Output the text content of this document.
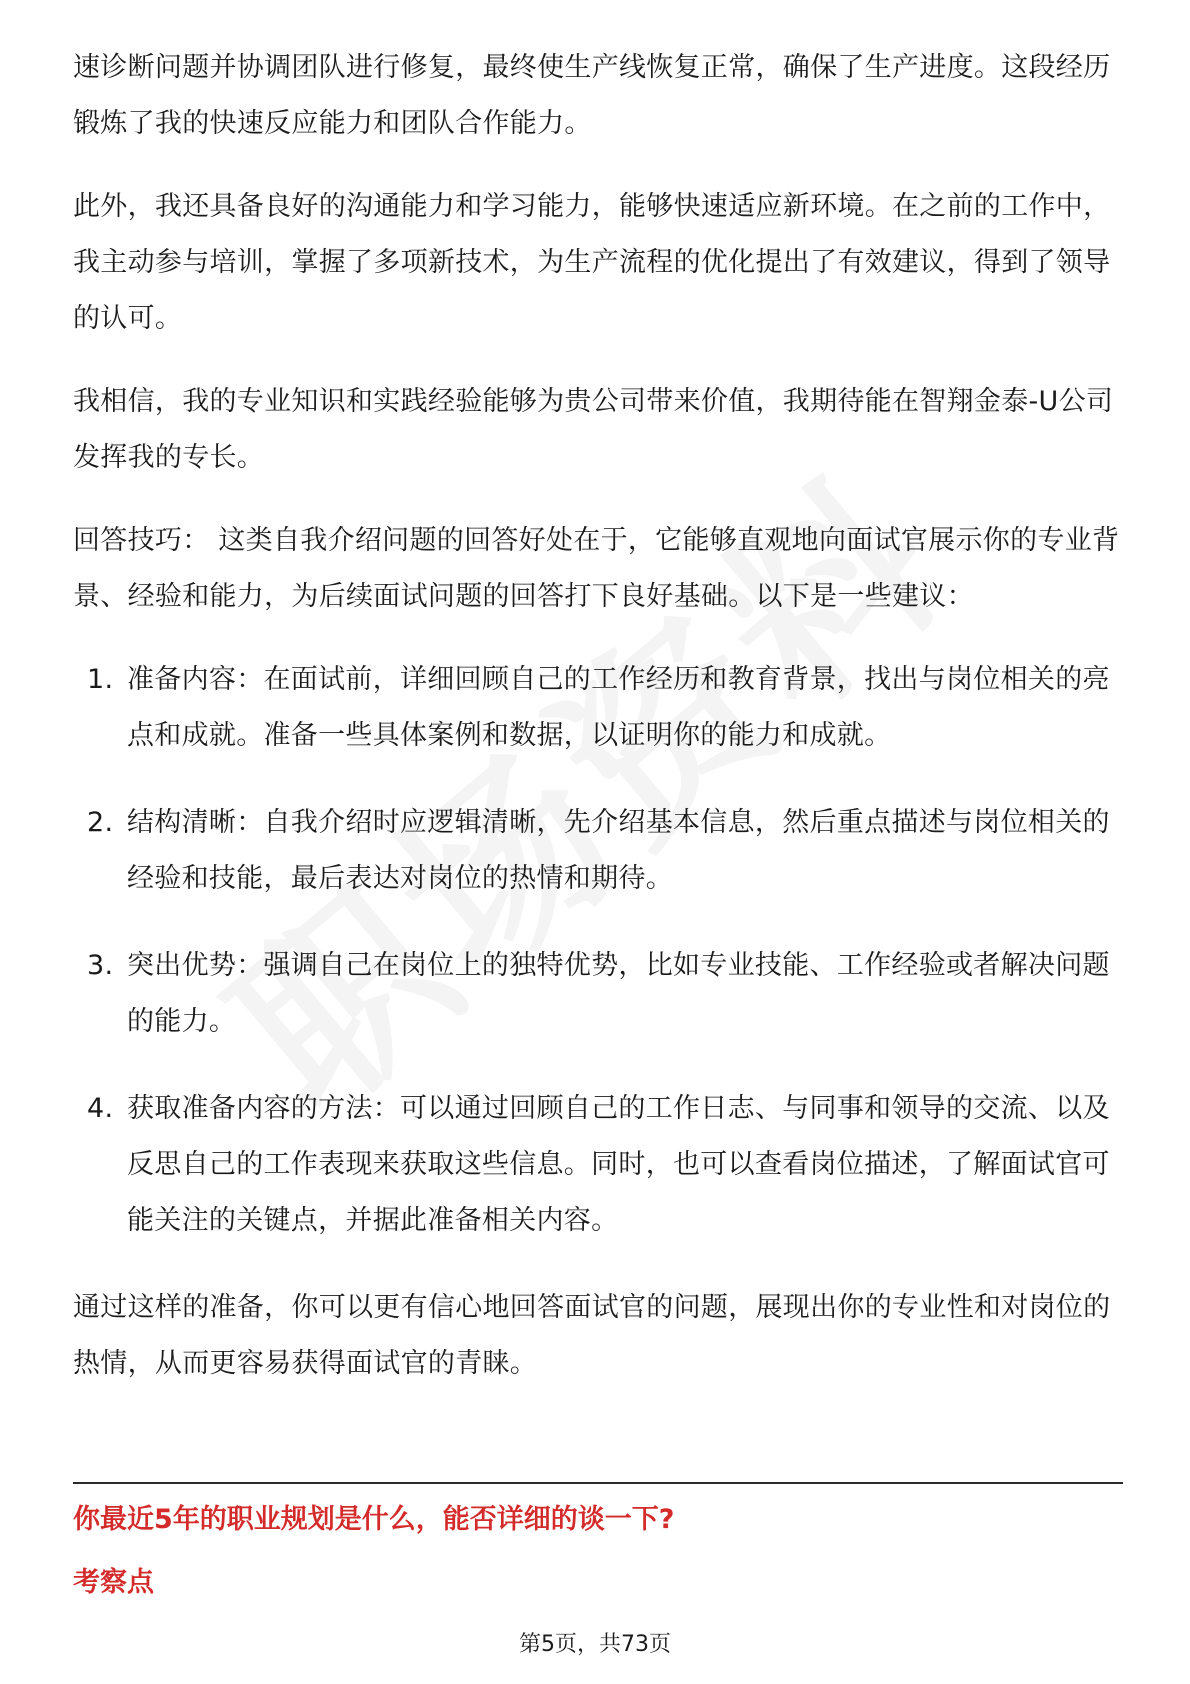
速诊断问题并协调团队进行修复，最终使生产线恢复正常，确保了生产进度。这段经历锻炼了我的快速反应能力和团队合作能力。

此外，我还具备良好的沟通能力和学习能力，能够快速适应新环境。在之前的工作中，我主动参与培训，掌握了多项新技术，为生产流程的优化提出了有效建议，得到了领导的认可。

我相信，我的专业知识和实践经验能够为贵公司带来价值，我期待能在智翔金泰-U公司发挥我的专长。

回答技巧： 这类自我介绍问题的回答好处在于，它能够直观地向面试官展示你的专业背景、经验和能力，为后续面试问题的回答打下良好基础。以下是一些建议：

1. 准备内容：在面试前，详细回顾自己的工作经历和教育背景，找出与岗位相关的亮点和成就。准备一些具体案例和数据，以证明你的能力和成就。
2. 结构清晰：自我介绍时应逻辑清晰，先介绍基本信息，然后重点描述与岗位相关的经验和技能，最后表达对岗位的热情和期待。
3. 突出优势：强调自己在岗位上的独特优势，比如专业技能、工作经验或者解决问题的能力。
4. 获取准备内容的方法：可以通过回顾自己的工作日志、与同事和领导的交流、以及反思自己的工作表现来获取这些信息。同时，也可以查看岗位描述，了解面试官可能关注的关键点，并据此准备相关内容。

通过这样的准备，你可以更有信心地回答面试官的问题，展现出你的专业性和对岗位的热情，从而更容易获得面试官的青睐。

你最近5年的职业规划是什么，能否详细的谈一下?
考察点
第5页，共73页
